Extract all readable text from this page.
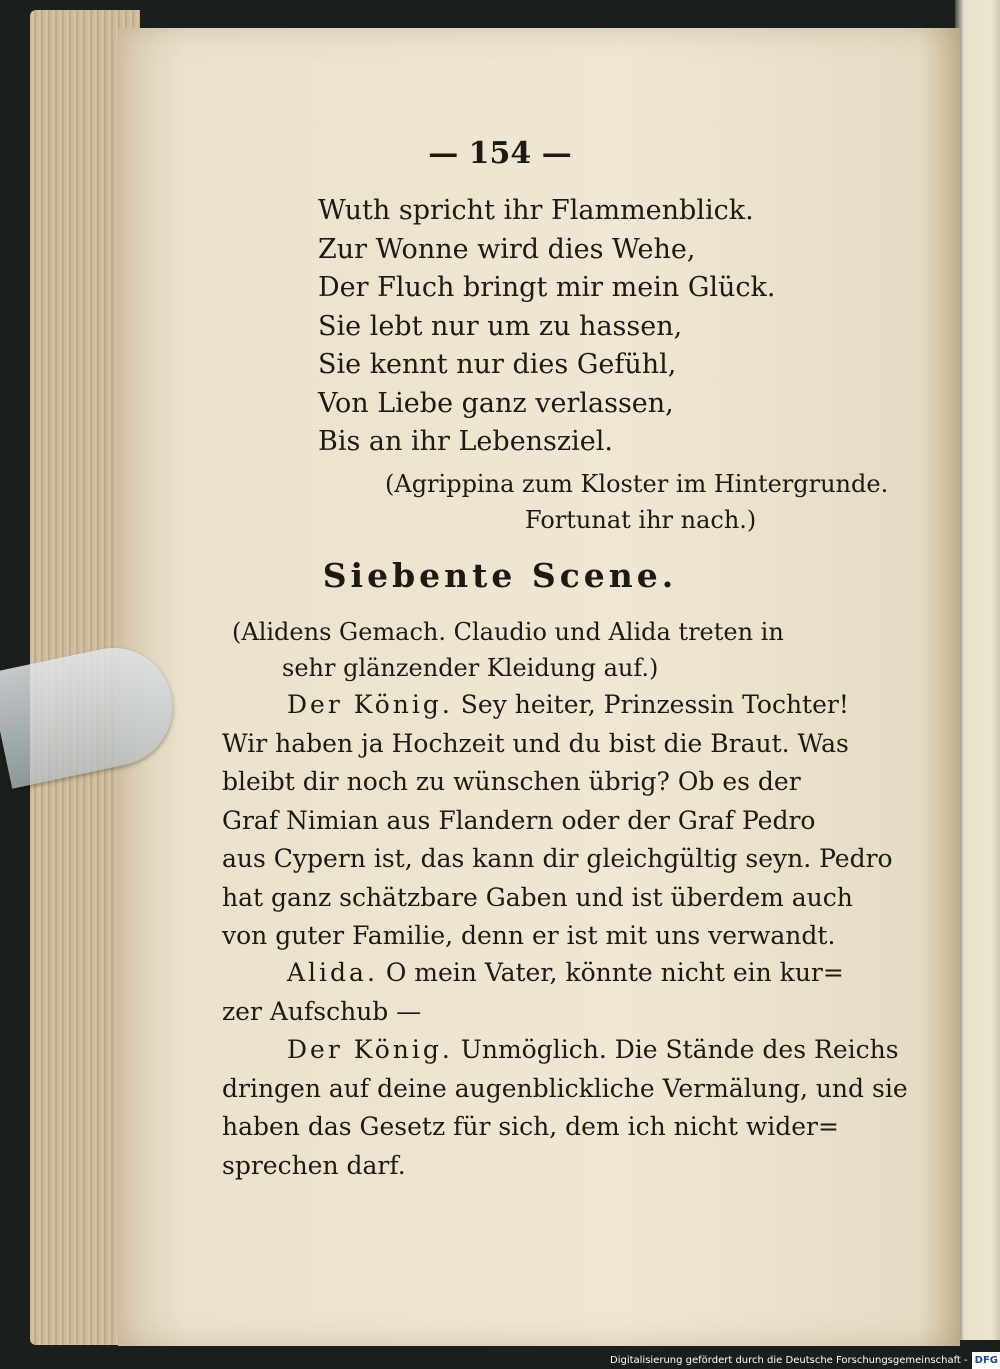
— 154 —
Wuth spricht ihr Flammenblick.
Zur Wonne wird dies Wehe,
Der Fluch bringt mir mein Glück.
Sie lebt nur um zu hassen,
Sie kennt nur dies Gefühl,
Von Liebe ganz verlassen,
Bis an ihr Lebensziel.
(Agrippina zum Kloster im Hintergrunde.
Fortunat ihr nach.)
Siebente Scene.
(Alidens Gemach. Claudio und Alida treten in
sehr glänzender Kleidung auf.)
Der König. Sey heiter, Prinzessin Tochter!
Wir haben ja Hochzeit und du bist die Braut. Was
bleibt dir noch zu wünschen übrig? Ob es der
Graf Nimian aus Flandern oder der Graf Pedro
aus Cypern ist, das kann dir gleichgültig seyn. Pedro
hat ganz schätzbare Gaben und ist überdem auch
von guter Familie, denn er ist mit uns verwandt.
Alida. O mein Vater, könnte nicht ein kur=
zer Aufschub —
Der König. Unmöglich. Die Stände des Reichs
dringen auf deine augenblickliche Vermälung, und sie
haben das Gesetz für sich, dem ich nicht wider=
sprechen darf.
Digitalisierung gefördert durch die Deutsche Forschungsgemeinschaft - DFG
